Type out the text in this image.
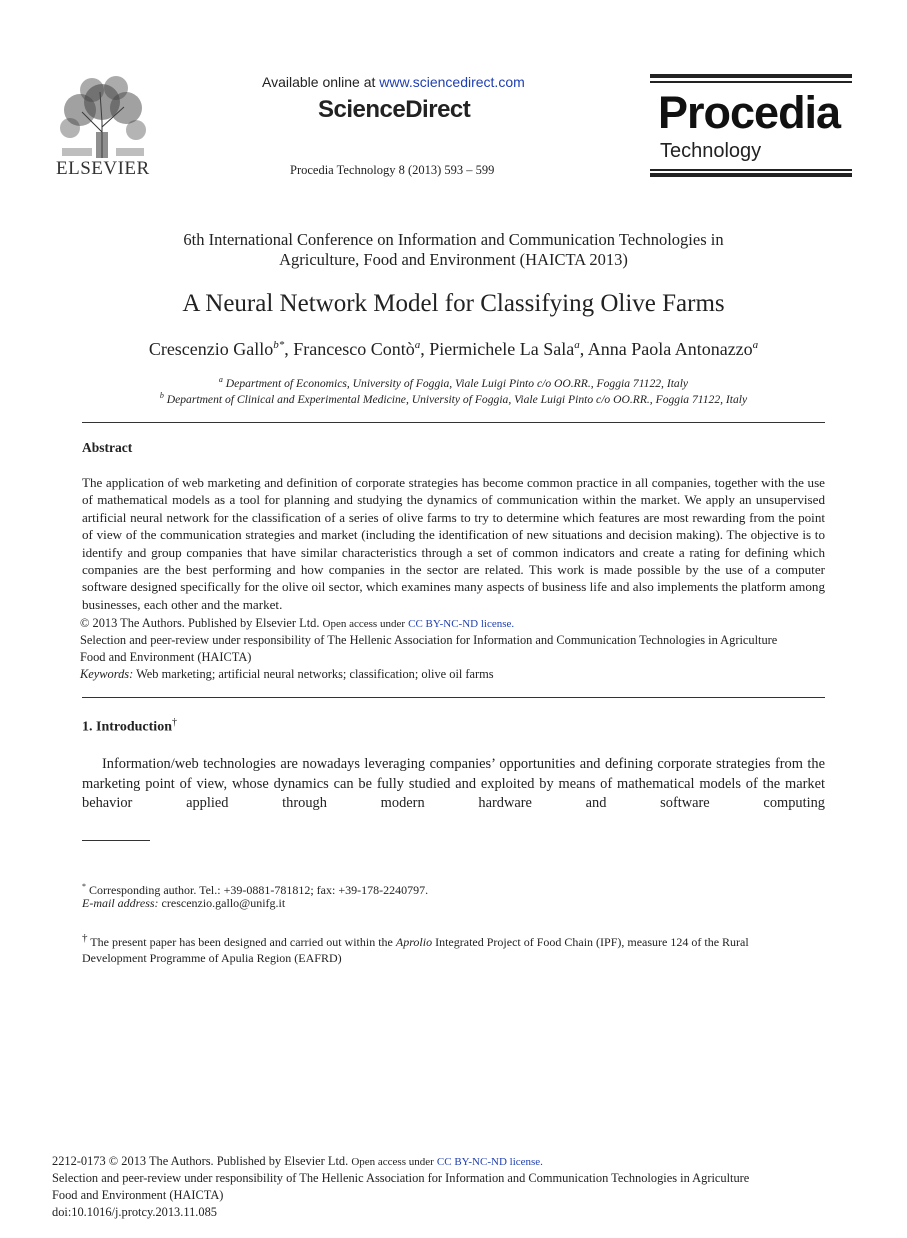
ELSEVIER
Available online at www.sciencedirect.com
ScienceDirect
Procedia Technology 8 (2013) 593 – 599
Procedia
Technology
6th International Conference on Information and Communication Technologies in
Agriculture, Food and Environment (HAICTA 2013)
A Neural Network Model for Classifying Olive Farms
Crescenzio Gallo$^{b*}$, Francesco Contò$^a$, Piermichele La Sala$^a$, Anna Paola Antonazzo$^a$
$^a$ Department of Economics, University of Foggia, Viale Luigi Pinto c/o OO.RR., Foggia 71122, Italy
$^b$ Department of Clinical and Experimental Medicine, University of Foggia, Viale Luigi Pinto c/o OO.RR., Foggia 71122, Italy
Abstract
The application of web marketing and definition of corporate strategies has become common practice in all companies, together with the use of mathematical models as a tool for planning and studying the dynamics of communication within the market. We apply an unsupervised artificial neural network for the classification of a series of olive farms to try to determine which features are most rewarding from the point of view of the communication strategies and market (including the identification of new situations and decision making). The objective is to identify and group companies that have similar characteristics through a set of common indicators and create a rating for defining which companies are the best performing and how companies in the sector are related. This work is made possible by the use of a computer software designed specifically for the olive oil sector, which examines many aspects of business life and also implements the platform among businesses, each other and the market.
© 2013 The Authors. Published by Elsevier Ltd. Open access under CC BY-NC-ND license.
Selection and peer-review under responsibility of The Hellenic Association for Information and Communication Technologies in Agriculture
Food and Environment (HAICTA)
Keywords: Web marketing; artificial neural networks; classification; olive oil farms
1. Introduction†
Information/web technologies are nowadays leveraging companies’ opportunities and defining corporate strategies from the marketing point of view, whose dynamics can be fully studied and exploited by means of mathematical models of the market behavior applied through modern hardware and software computing
* Corresponding author. Tel.: +39-0881-781812; fax: +39-178-2240797.
E-mail address: crescenzio.gallo@unifg.it
† The present paper has been designed and carried out within the Aprolio Integrated Project of Food Chain (IPF), measure 124 of the Rural
Development Programme of Apulia Region (EAFRD)
2212-0173 © 2013 The Authors. Published by Elsevier Ltd. Open access under CC BY-NC-ND license.
Selection and peer-review under responsibility of The Hellenic Association for Information and Communication Technologies in Agriculture
Food and Environment (HAICTA)
doi:10.1016/j.protcy.2013.11.085
